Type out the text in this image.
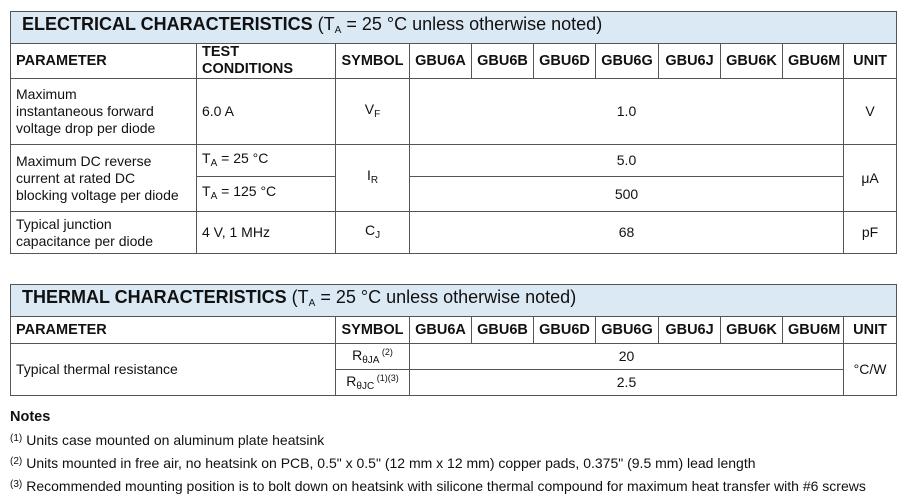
ELECTRICAL CHARACTERISTICS ($T_A = 25$ °C unless otherwise noted)										
PARAMETER	TEST CONDITIONS	SYMBOL	GBU6A	GBU6B	GBU6D	GBU6G	GBU6J	GBU6K	GBU6M	UNIT

Maximum
instantaneous forward
voltage drop per diode	6.0 A	$V_F$	1.0							V

Maximum DC reverse
current at rated DC
blocking voltage per diode	$T_A = 25$ °C	$I_R$	5.0							μA
	$T_A = 125$ °C		500							

Typical junction
capacitance per diode	4 V, 1 MHz	$C_J$	68							pF
THERMAL CHARACTERISTICS ($T_A = 25$ °C unless otherwise noted)									
PARAMETER	SYMBOL	GBU6A	GBU6B	GBU6D	GBU6G	GBU6J	GBU6K	GBU6M	UNIT
Typical thermal resistance	$R_{\theta JA}$ $^{(2)}$	20							°C/W
	$R_{\theta JC}$ $^{(1)(3)}$	2.5							
Notes
$^{(1)}$ Units case mounted on aluminum plate heatsink
$^{(2)}$ Units mounted in free air, no heatsink on PCB, 0.5" x 0.5" (12 mm x 12 mm) copper pads, 0.375" (9.5 mm) lead length
$^{(3)}$ Recommended mounting position is to bolt down on heatsink with silicone thermal compound for maximum heat transfer with #6 screws
